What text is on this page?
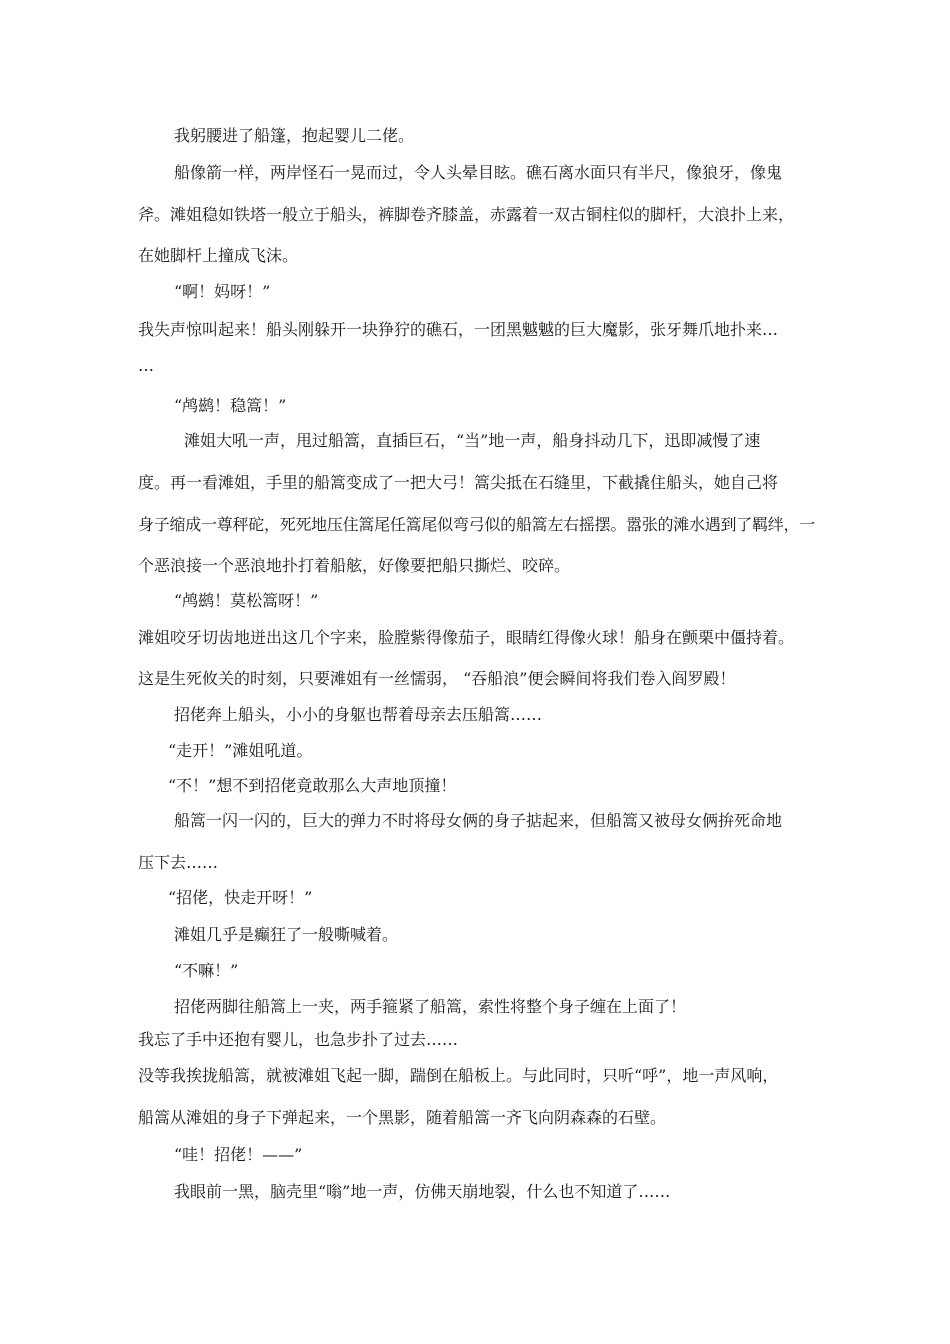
我躬腰进了船篷，抱起婴儿二佬。

船像箭一样，两岸怪石一晃而过，令人头晕目眩。礁石离水面只有半尺，像狼牙，像鬼

斧。滩姐稳如铁塔一般立于船头，裤脚卷齐膝盖，赤露着一双古铜柱似的脚杆，大浪扑上来，

在她脚杆上撞成飞沫。

“啊！妈呀！”

我失声惊叫起来！船头刚躲开一块狰狞的礁石，一团黑魆魆的巨大魔影，张牙舞爪地扑来…

…

“鸬鹚！稳篙！”

滩姐大吼一声，甩过船篙，直插巨石，“当”地一声，船身抖动几下，迅即减慢了速

度。再一看滩姐，手里的船篙变成了一把大弓！篙尖抵在石缝里，下截撬住船头，她自己将

身子缩成一尊秤砣，死死地压住篙尾任篙尾似弯弓似的船篙左右摇摆。嚣张的滩水遇到了羁绊，一

个恶浪接一个恶浪地扑打着船舷，好像要把船只撕烂、咬碎。

“鸬鹚！莫松篙呀！”

滩姐咬牙切齿地迸出这几个字来，脸膛紫得像茄子，眼睛红得像火球！船身在颤栗中僵持着。

这是生死攸关的时刻，只要滩姐有一丝懦弱， “吞船浪”便会瞬间将我们卷入阎罗殿！

招佬奔上船头，小小的身躯也帮着母亲去压船篙……

“走开！”滩姐吼道。

“不！”想不到招佬竟敢那么大声地顶撞！

船篙一闪一闪的，巨大的弹力不时将母女俩的身子掂起来，但船篙又被母女俩拚死命地

压下去……

“招佬，快走开呀！”

滩姐几乎是癫狂了一般嘶喊着。

“不嘛！”

招佬两脚往船篙上一夹，两手箍紧了船篙，索性将整个身子缠在上面了！

我忘了手中还抱有婴儿，也急步扑了过去……

没等我挨拢船篙，就被滩姐飞起一脚，踹倒在船板上。与此同时，只听“呼”，地一声风响，

船篙从滩姐的身子下弹起来，一个黑影，随着船篙一齐飞向阴森森的石壁。

“哇！招佬！——”

我眼前一黑，脑壳里“嗡”地一声，仿佛天崩地裂，什么也不知道了……
